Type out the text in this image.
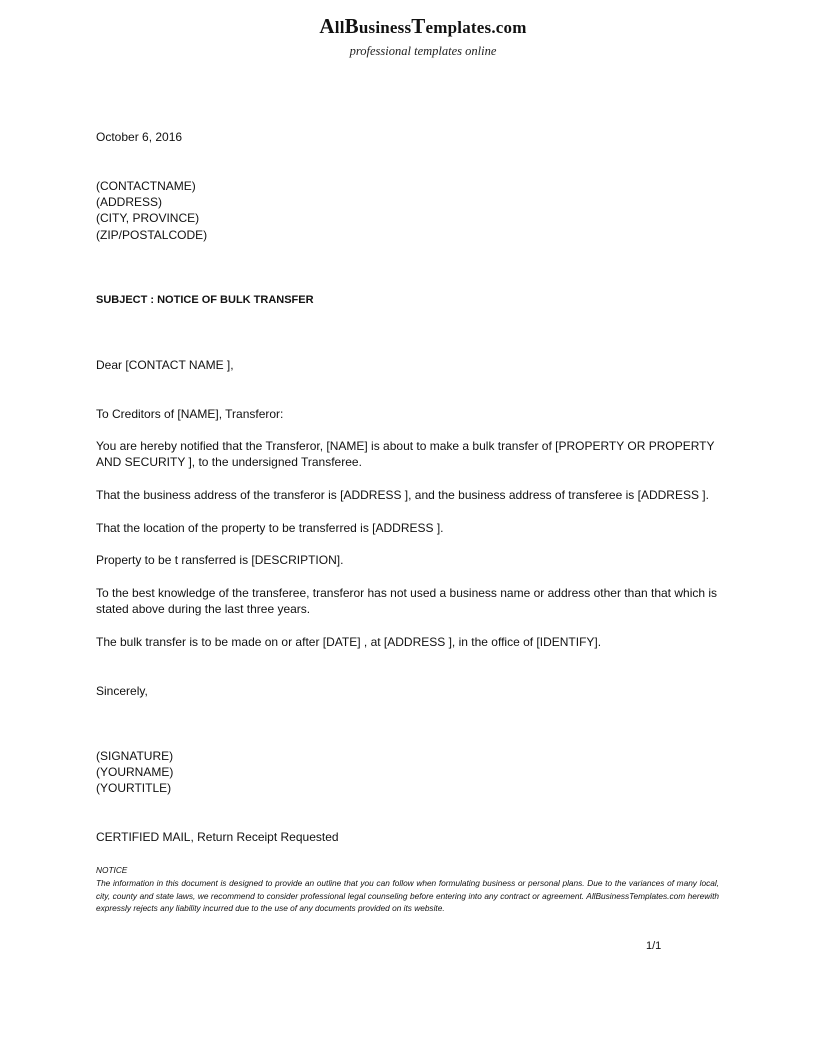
AllBusinessTemplates.com
professional templates online
October 6, 2016
(CONTACTNAME)
(ADDRESS)
(CITY, PROVINCE)
(ZIP/POSTALCODE)
SUBJECT : NOTICE OF BULK TRANSFER
Dear [CONTACT NAME ],
To Creditors of [NAME], Transferor:
You are hereby notified that the Transferor, [NAME] is about to make a bulk transfer of [PROPERTY OR PROPERTY AND SECURITY ], to the undersigned Transferee.
That the business address of the transferor is [ADDRESS ], and the business address of transferee is [ADDRESS ].
That the location of the property to be transferred is [ADDRESS ].
Property to be t ransferred is [DESCRIPTION].
To the best knowledge of the transferee, transferor has not used a business name or address other than that which is stated above during the last three years.
The bulk transfer is to be made on or after [DATE] , at [ADDRESS ], in the office of [IDENTIFY].
Sincerely,
(SIGNATURE)
(YOURNAME)
(YOURTITLE)
CERTIFIED MAIL, Return Receipt Requested
NOTICE
The information in this document is designed to provide an outline that you can follow when formulating business or personal plans. Due to the variances of many local, city, county and state laws, we recommend to consider professional legal counseling before entering into any contract or agreement. AllBusinessTemplates.com herewith expressly rejects any liability incurred due to the use of any documents provided on its website.
1/1
